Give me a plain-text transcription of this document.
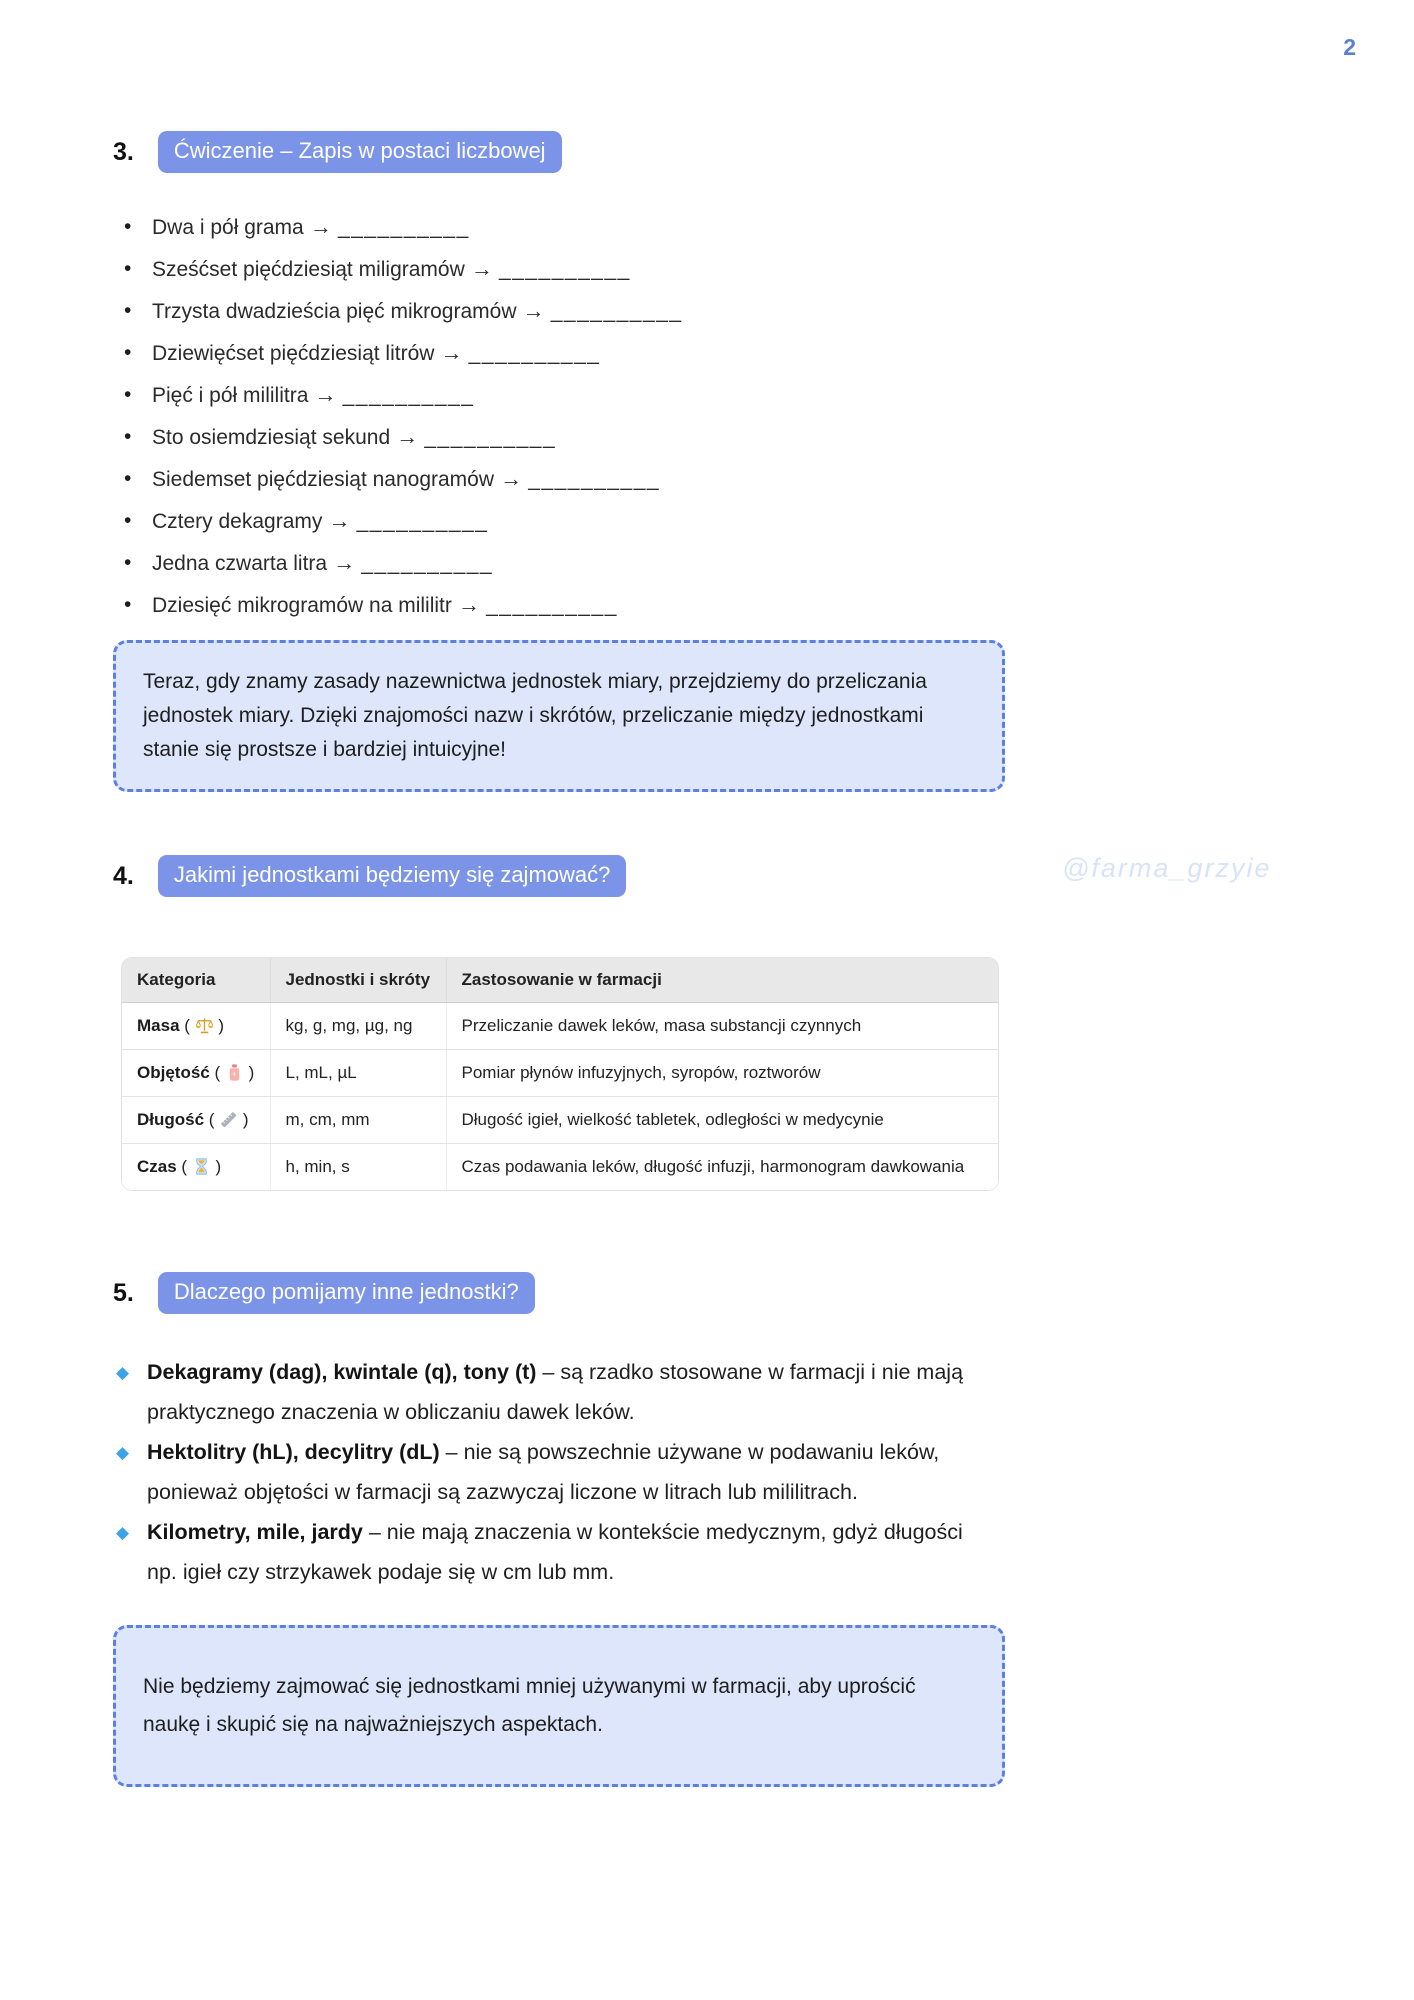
2
3.	Ćwiczenie – Zapis w postaci liczbowej
• Dwa i pół grama → __________
• Sześćset pięćdziesiąt miligramów → __________
• Trzysta dwadzieścia pięć mikrogramów → __________
• Dziewięćset pięćdziesiąt litrów → __________
• Pięć i pół mililitra → __________
• Sto osiemdziesiąt sekund → __________
• Siedemset pięćdziesiąt nanogramów → __________
• Cztery dekagramy → __________
• Jedna czwarta litra → __________
• Dziesięć mikrogramów na mililitr → __________

Teraz, gdy znamy zasady nazewnictwa jednostek miary, przejdziemy do przeliczania jednostek miary. Dzięki znajomości nazw i skrótów, przeliczanie między jednostkami stanie się prostsze i bardziej intuicyjne!

4.	Jakimi jednostkami będziemy się zajmować?	@farma_grzyie
Kategoria	Jednostki i skróty	Zastosowanie w farmacji
Masa (  )	kg, g, mg, µg, ng	Przeliczanie dawek leków, masa substancji czynnych
Objętość (  )	L, mL, µL	Pomiar płynów infuzyjnych, syropów, roztworów
Długość (  )	m, cm, mm	Długość igieł, wielkość tabletek, odległości w medycynie
Czas (  )	h, min, s	Czas podawania leków, długość infuzji, harmonogram dawkowania
5.	Dlaczego pomijamy inne jednostki?
◆ Dekagramy (dag), kwintale (q), tony (t) – są rzadko stosowane w farmacji i nie mają praktycznego znaczenia w obliczaniu dawek leków.
◆ Hektolitry (hL), decylitry (dL) – nie są powszechnie używane w podawaniu leków, ponieważ objętości w farmacji są zazwyczaj liczone w litrach lub mililitrach.
◆ Kilometry, mile, jardy – nie mają znaczenia w kontekście medycznym, gdyż długości np. igieł czy strzykawek podaje się w cm lub mm.

Nie będziemy zajmować się jednostkami mniej używanymi w farmacji, aby uprościć naukę i skupić się na najważniejszych aspektach.
